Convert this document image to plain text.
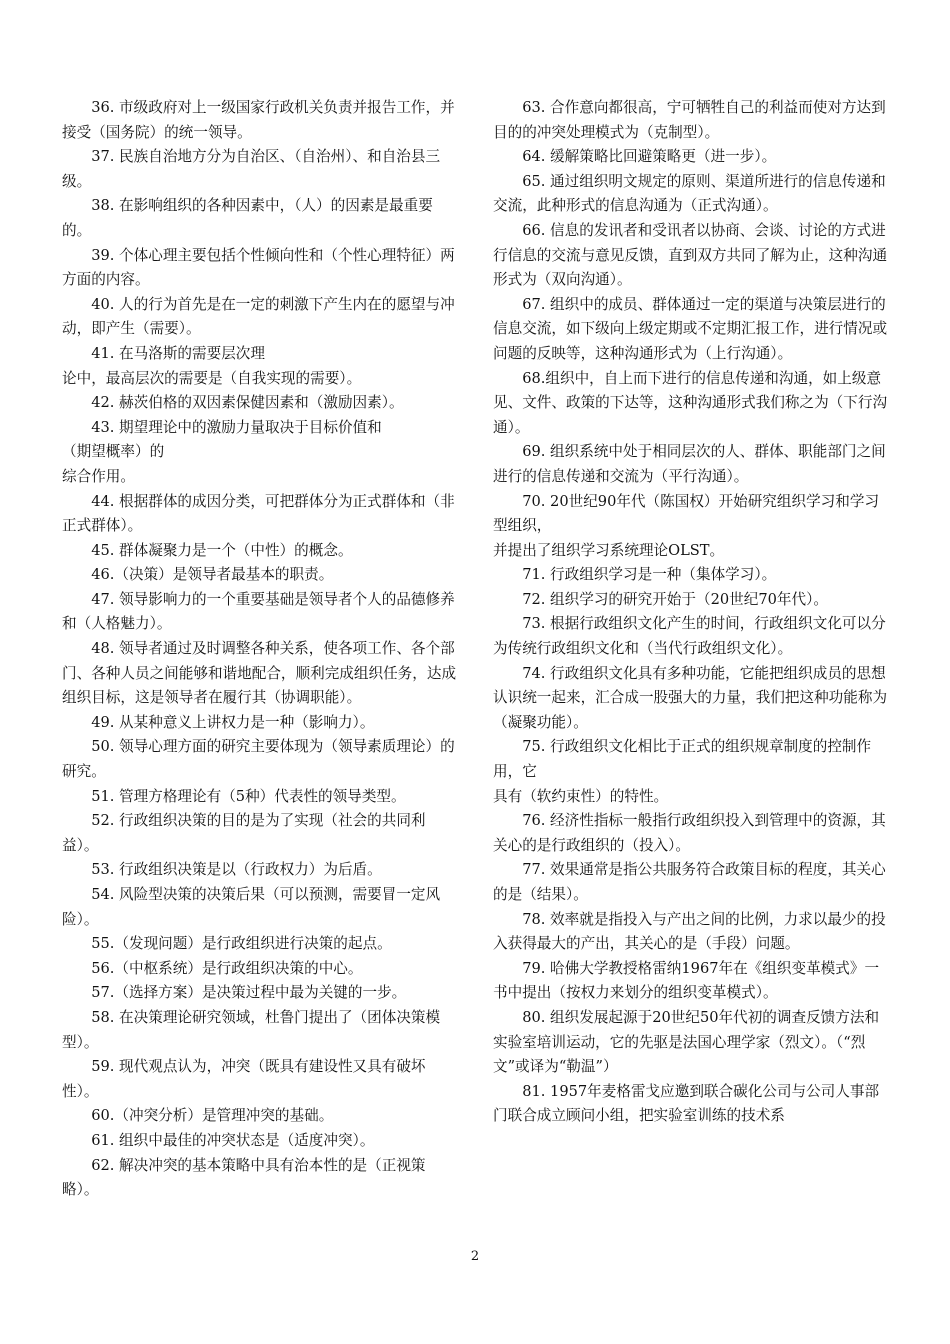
36. 市级政府对上一级国家行政机关负责并报告工作，并接受（国务院）的统一领导。

37. 民族自治地方分为自治区、（自治州）、和自治县三级。

38. 在影响组织的各种因素中，（人）的因素是最重要的。

39. 个体心理主要包括个性倾向性和（个性心理特征）两方面的内容。

40. 人的行为首先是在一定的刺激下产生内在的愿望与冲动，即产生（需要）。

41. 在马洛斯的需要层次理
论中，最高层次的需要是（自我实现的需要）。

42. 赫茨伯格的双因素保健因素和（激励因素）。

43. 期望理论中的激励力量取决于目标价值和
（期望概率）的
综合作用。

44. 根据群体的成因分类，可把群体分为正式群体和（非正式群体）。

45. 群体凝聚力是一个（中性）的概念。

46.（决策）是领导者最基本的职责。

47. 领导影响力的一个重要基础是领导者个人的品德修养和（人格魅力）。

48. 领导者通过及时调整各种关系，使各项工作、各个部门、各种人员之间能够和谐地配合，顺利完成组织任务，达成组织目标，这是领导者在履行其（协调职能）。

49. 从某种意义上讲权力是一种（影响力）。

50. 领导心理方面的研究主要体现为（领导素质理论）的研究。

51. 管理方格理论有（5种）代表性的领导类型。

52. 行政组织决策的目的是为了实现（社会的共同利益）。

53. 行政组织决策是以（行政权力）为后盾。

54. 风险型决策的决策后果（可以预测，需要冒一定风险）。

55.（发现问题）是行政组织进行决策的起点。

56.（中枢系统）是行政组织决策的中心。

57.（选择方案）是决策过程中最为关键的一步。

58. 在决策理论研究领域，杜鲁门提出了（团体决策模型）。

59. 现代观点认为，冲突（既具有建设性又具有破坏性）。

60.（冲突分析）是管理冲突的基础。

61. 组织中最佳的冲突状态是（适度冲突）。

62. 解决冲突的基本策略中具有治本性的是（正视策略）。

63. 合作意向都很高，宁可牺牲自己的利益而使对方达到目的的冲突处理模式为（克制型）。

64. 缓解策略比回避策略更（进一步）。

65. 通过组织明文规定的原则、渠道所进行的信息传递和交流，此种形式的信息沟通为（正式沟通）。

66. 信息的发讯者和受讯者以协商、会谈、讨论的方式进行信息的交流与意见反馈，直到双方共同了解为止，这种沟通形式为（双向沟通）。

67. 组织中的成员、群体通过一定的渠道与决策层进行的信息交流，如下级向上级定期或不定期汇报工作，进行情况或问题的反映等，这种沟通形式为（上行沟通）。

68.组织中，自上而下进行的信息传递和沟通，如上级意见、文件、政策的下达等，这种沟通形式我们称之为（下行沟通）。

69. 组织系统中处于相同层次的人、群体、职能部门之间进行的信息传递和交流为（平行沟通）。

70. 20世纪90年代（陈国权）开始研究组织学习和学习型组织，
并提出了组织学习系统理论OLST。

71. 行政组织学习是一种（集体学习）。

72. 组织学习的研究开始于（20世纪70年代）。

73. 根据行政组织文化产生的时间，行政组织文化可以分为传统行政组织文化和（当代行政组织文化）。

74. 行政组织文化具有多种功能，它能把组织成员的思想认识统一起来，汇合成一股强大的力量，我们把这种功能称为（凝聚功能）。

75. 行政组织文化相比于正式的组织规章制度的控制作用，它
具有（软约束性）的特性。

76. 经济性指标一般指行政组织投入到管理中的资源，其关心的是行政组织的（投入）。

77. 效果通常是指公共服务符合政策目标的程度，其关心的是（结果）。

78. 效率就是指投入与产出之间的比例，力求以最少的投入获得最大的产出，其关心的是（手段）问题。

79. 哈佛大学教授格雷纳1967年在《组织变革模式》一书中提出（按权力来划分的组织变革模式）。

80. 组织发展起源于20世纪50年代初的调查反馈方法和实验室培训运动，它的先驱是法国心理学家（烈文）。（“烈文”或译为“勒温”）

81. 1957年麦格雷戈应邀到联合碳化公司与公司人事部门联合成立顾问小组，把实验室训练的技术系

2
